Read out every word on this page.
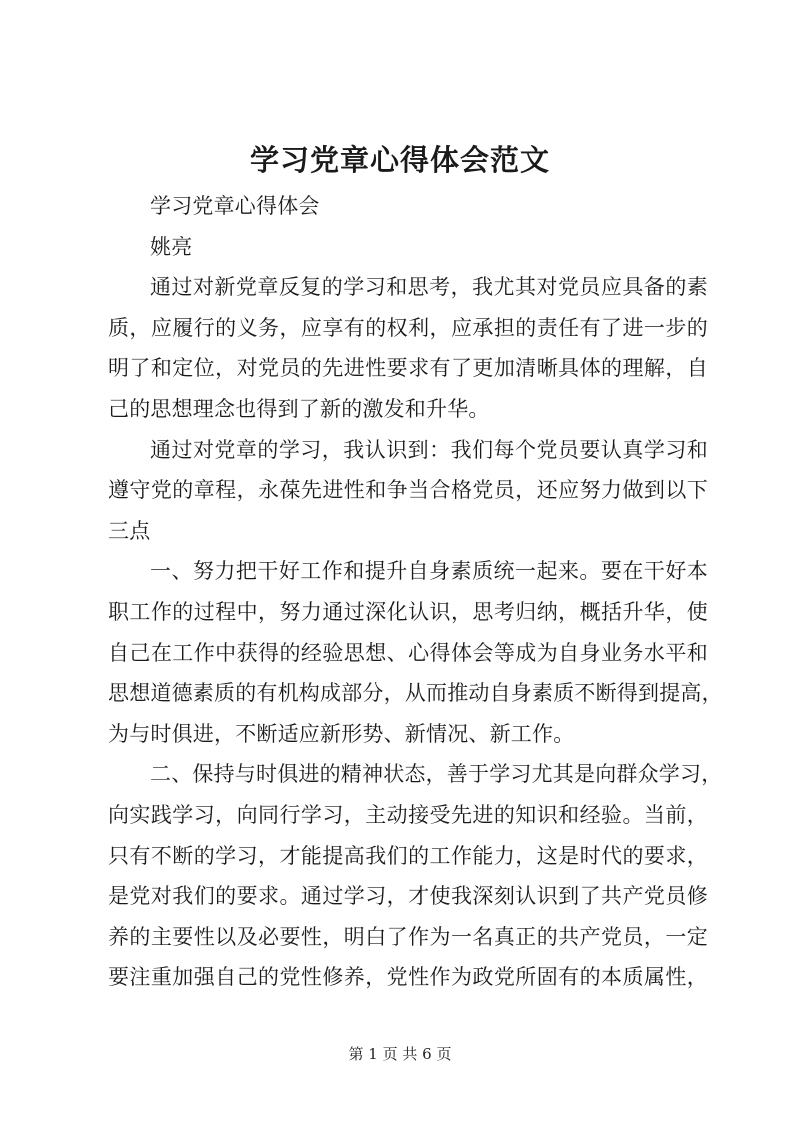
学习党章心得体会范文

学习党章心得体会

姚亮

通过对新党章反复的学习和思考，我尤其对党员应具备的素

质，应履行的义务，应享有的权利，应承担的责任有了进一步的

明了和定位，对党员的先进性要求有了更加清晰具体的理解，自

己的思想理念也得到了新的激发和升华。

通过对党章的学习，我认识到：我们每个党员要认真学习和

遵守党的章程，永葆先进性和争当合格党员，还应努力做到以下

三点

一、努力把干好工作和提升自身素质统一起来。要在干好本

职工作的过程中，努力通过深化认识，思考归纳，概括升华，使

自己在工作中获得的经验思想、心得体会等成为自身业务水平和

思想道德素质的有机构成部分，从而推动自身素质不断得到提高，

为与时俱进，不断适应新形势、新情况、新工作。

二、保持与时俱进的精神状态，善于学习尤其是向群众学习，

向实践学习，向同行学习，主动接受先进的知识和经验。当前，

只有不断的学习，才能提高我们的工作能力，这是时代的要求，

是党对我们的要求。通过学习，才使我深刻认识到了共产党员修

养的主要性以及必要性，明白了作为一名真正的共产党员，一定

要注重加强自己的党性修养，党性作为政党所固有的本质属性，

第 1 页 共 6 页
